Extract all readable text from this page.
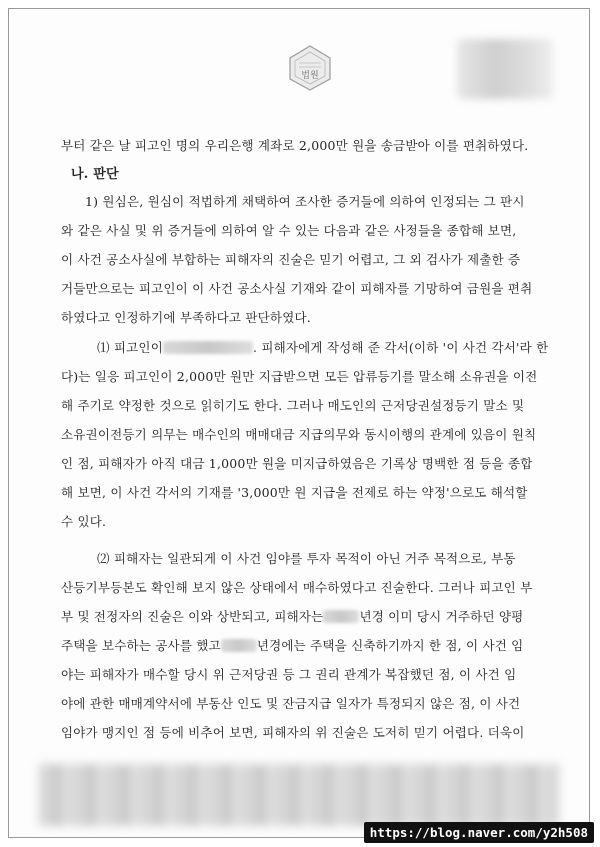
법원
부터 같은 날 피고인 명의 우리은행 계좌로 2,000만 원을 송금받아 이를 편취하였다.
나. 판단
1) 원심은, 원심이 적법하게 채택하여 조사한 증거들에 의하여 인정되는 그 판시
와 같은 사실 및 위 증거들에 의하여 알 수 있는 다음과 같은 사정들을 종합해 보면,
이 사건 공소사실에 부합하는 피해자의 진술은 믿기 어렵고, 그 외 검사가 제출한 증
거들만으로는 피고인이 이 사건 공소사실 기재와 같이 피해자를 기망하여 금원을 편취
하였다고 인정하기에 부족하다고 판단하였다.
⑴ 피고인이	. 피해자에게 작성해 준 각서(이하 '이 사건 각서'라 한
다)는 일응 피고인이 2,000만 원만 지급받으면 모든 압류등기를 말소해 소유권을 이전
해 주기로 약정한 것으로 읽히기도 한다. 그러나 매도인의 근저당권설정등기 말소 및
소유권이전등기 의무는 매수인의 매매대금 지급의무와 동시이행의 관계에 있음이 원칙
인 점, 피해자가 아직 대금 1,000만 원을 미지급하였음은 기록상 명백한 점 등을 종합
해 보면, 이 사건 각서의 기재를 '3,000만 원 지급을 전제로 하는 약정'으로도 해석할
수 있다.
⑵ 피해자는 일관되게 이 사건 임야를 투자 목적이 아닌 거주 목적으로, 부동
산등기부등본도 확인해 보지 않은 상태에서 매수하였다고 진술한다. 그러나 피고인 부
부 및 전정자의 진술은 이와 상반되고, 피해자는	년경 이미 당시 거주하던 양평
주택을 보수하는 공사를 했고	년경에는 주택을 신축하기까지 한 점, 이 사건 임
야는 피해자가 매수할 당시 위 근저당권 등 그 권리 관계가 복잡했던 점, 이 사건 임
야에 관한 매매계약서에 부동산 인도 및 잔금지급 일자가 특정되지 않은 점, 이 사건
임야가 맹지인 점 등에 비추어 보면, 피해자의 위 진술은 도저히 믿기 어렵다. 더욱이
https://blog.naver.com/y2h508
